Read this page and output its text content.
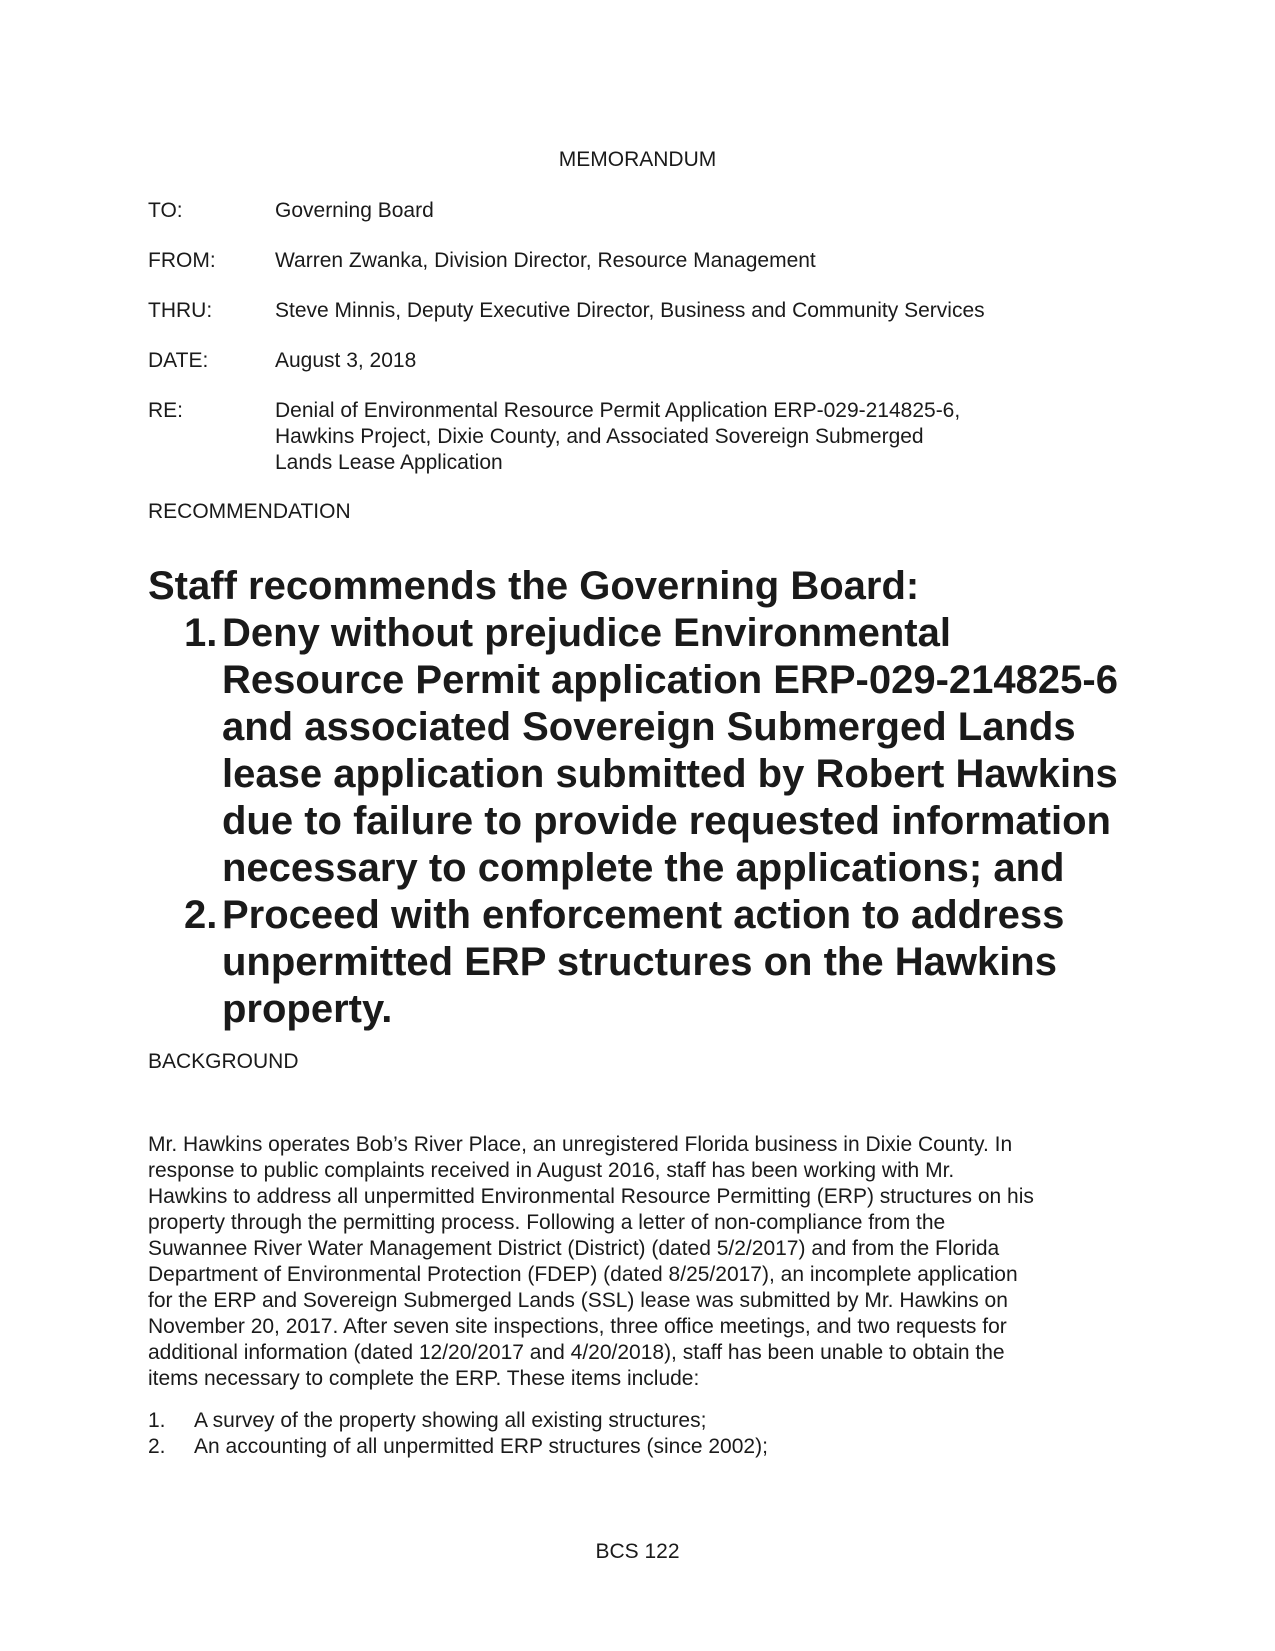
MEMORANDUM
TO:	Governing Board
FROM:	Warren Zwanka, Division Director, Resource Management
THRU:	Steve Minnis, Deputy Executive Director, Business and Community Services
DATE:	August 3, 2018
RE:	Denial of Environmental Resource Permit Application ERP-029-214825-6,
Hawkins Project, Dixie County, and Associated Sovereign Submerged
Lands Lease Application
RECOMMENDATION
Staff recommends the Governing Board:
1. Deny without prejudice Environmental
Resource Permit application ERP-029-214825-6
and associated Sovereign Submerged Lands
lease application submitted by Robert Hawkins
due to failure to provide requested information
necessary to complete the applications; and
2. Proceed with enforcement action to address
unpermitted ERP structures on the Hawkins
property.
BACKGROUND
Mr. Hawkins operates Bob’s River Place, an unregistered Florida business in Dixie County. In
response to public complaints received in August 2016, staff has been working with Mr.
Hawkins to address all unpermitted Environmental Resource Permitting (ERP) structures on his
property through the permitting process. Following a letter of non-compliance from the
Suwannee River Water Management District (District) (dated 5/2/2017) and from the Florida
Department of Environmental Protection (FDEP) (dated 8/25/2017), an incomplete application
for the ERP and Sovereign Submerged Lands (SSL) lease was submitted by Mr. Hawkins on
November 20, 2017. After seven site inspections, three office meetings, and two requests for
additional information (dated 12/20/2017 and 4/20/2018), staff has been unable to obtain the
items necessary to complete the ERP. These items include:
1. A survey of the property showing all existing structures;
2. An accounting of all unpermitted ERP structures (since 2002);
BCS 122
